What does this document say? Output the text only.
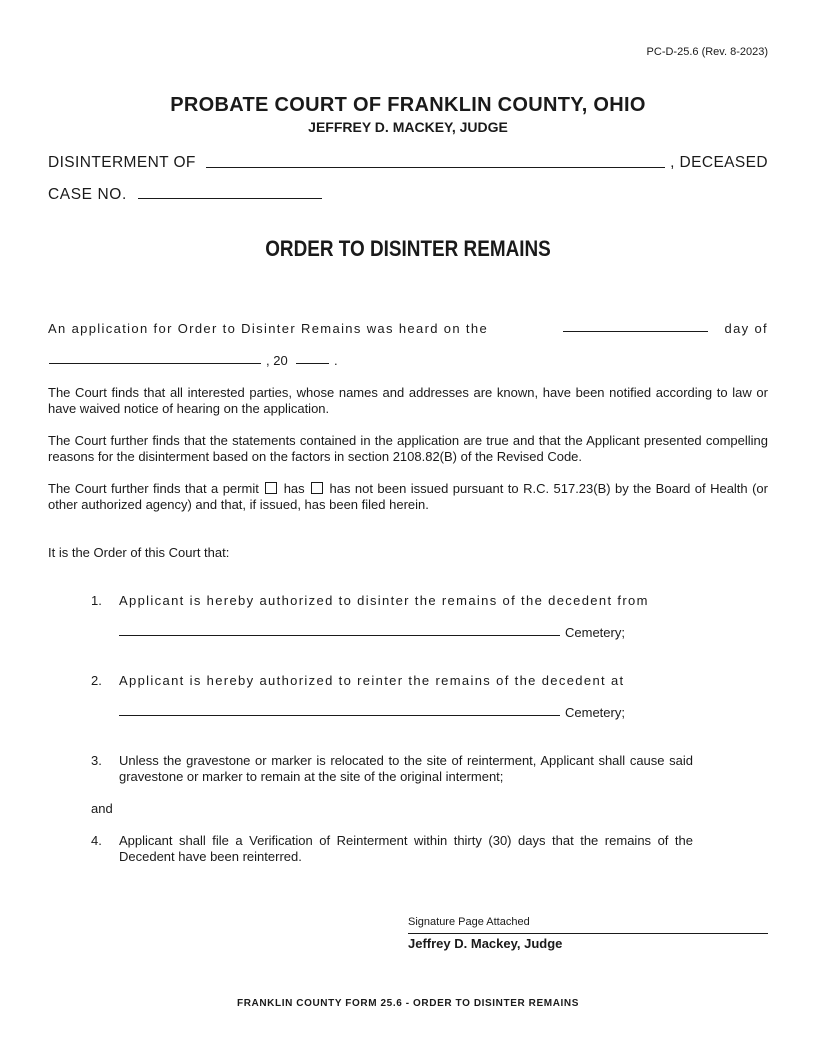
PC-D-25.6 (Rev. 8-2023)
PROBATE COURT OF FRANKLIN COUNTY, OHIO
JEFFREY D. MACKEY, JUDGE
DISINTERMENT OF	, DECEASED
CASE NO.
ORDER TO DISINTER REMAINS
An application for Order to Disinter Remains was heard on the	day of
, 20	.
The Court finds that all interested parties, whose names and addresses are known, have been notified according to law or have waived notice of hearing on the application.
The Court further finds that the statements contained in the application are true and that the Applicant presented compelling reasons for the disinterment based on the factors in section 2108.82(B) of the Revised Code.
The Court further finds that a permit has has not been issued pursuant to R.C. 517.23(B) by the Board of Health (or other authorized agency) and that, if issued, has been filed herein.
It is the Order of this Court that:
1. Applicant is hereby authorized to disinter the remains of the decedent from
Cemetery;
2. Applicant is hereby authorized to reinter the remains of the decedent at
Cemetery;
3. Unless the gravestone or marker is relocated to the site of reinterment, Applicant shall cause said gravestone or marker to remain at the site of the original interment;
and
4. Applicant shall file a Verification of Reinterment within thirty (30) days that the remains of the Decedent have been reinterred.
Signature Page Attached
Jeffrey D. Mackey, Judge
FRANKLIN COUNTY FORM 25.6 - ORDER TO DISINTER REMAINS
